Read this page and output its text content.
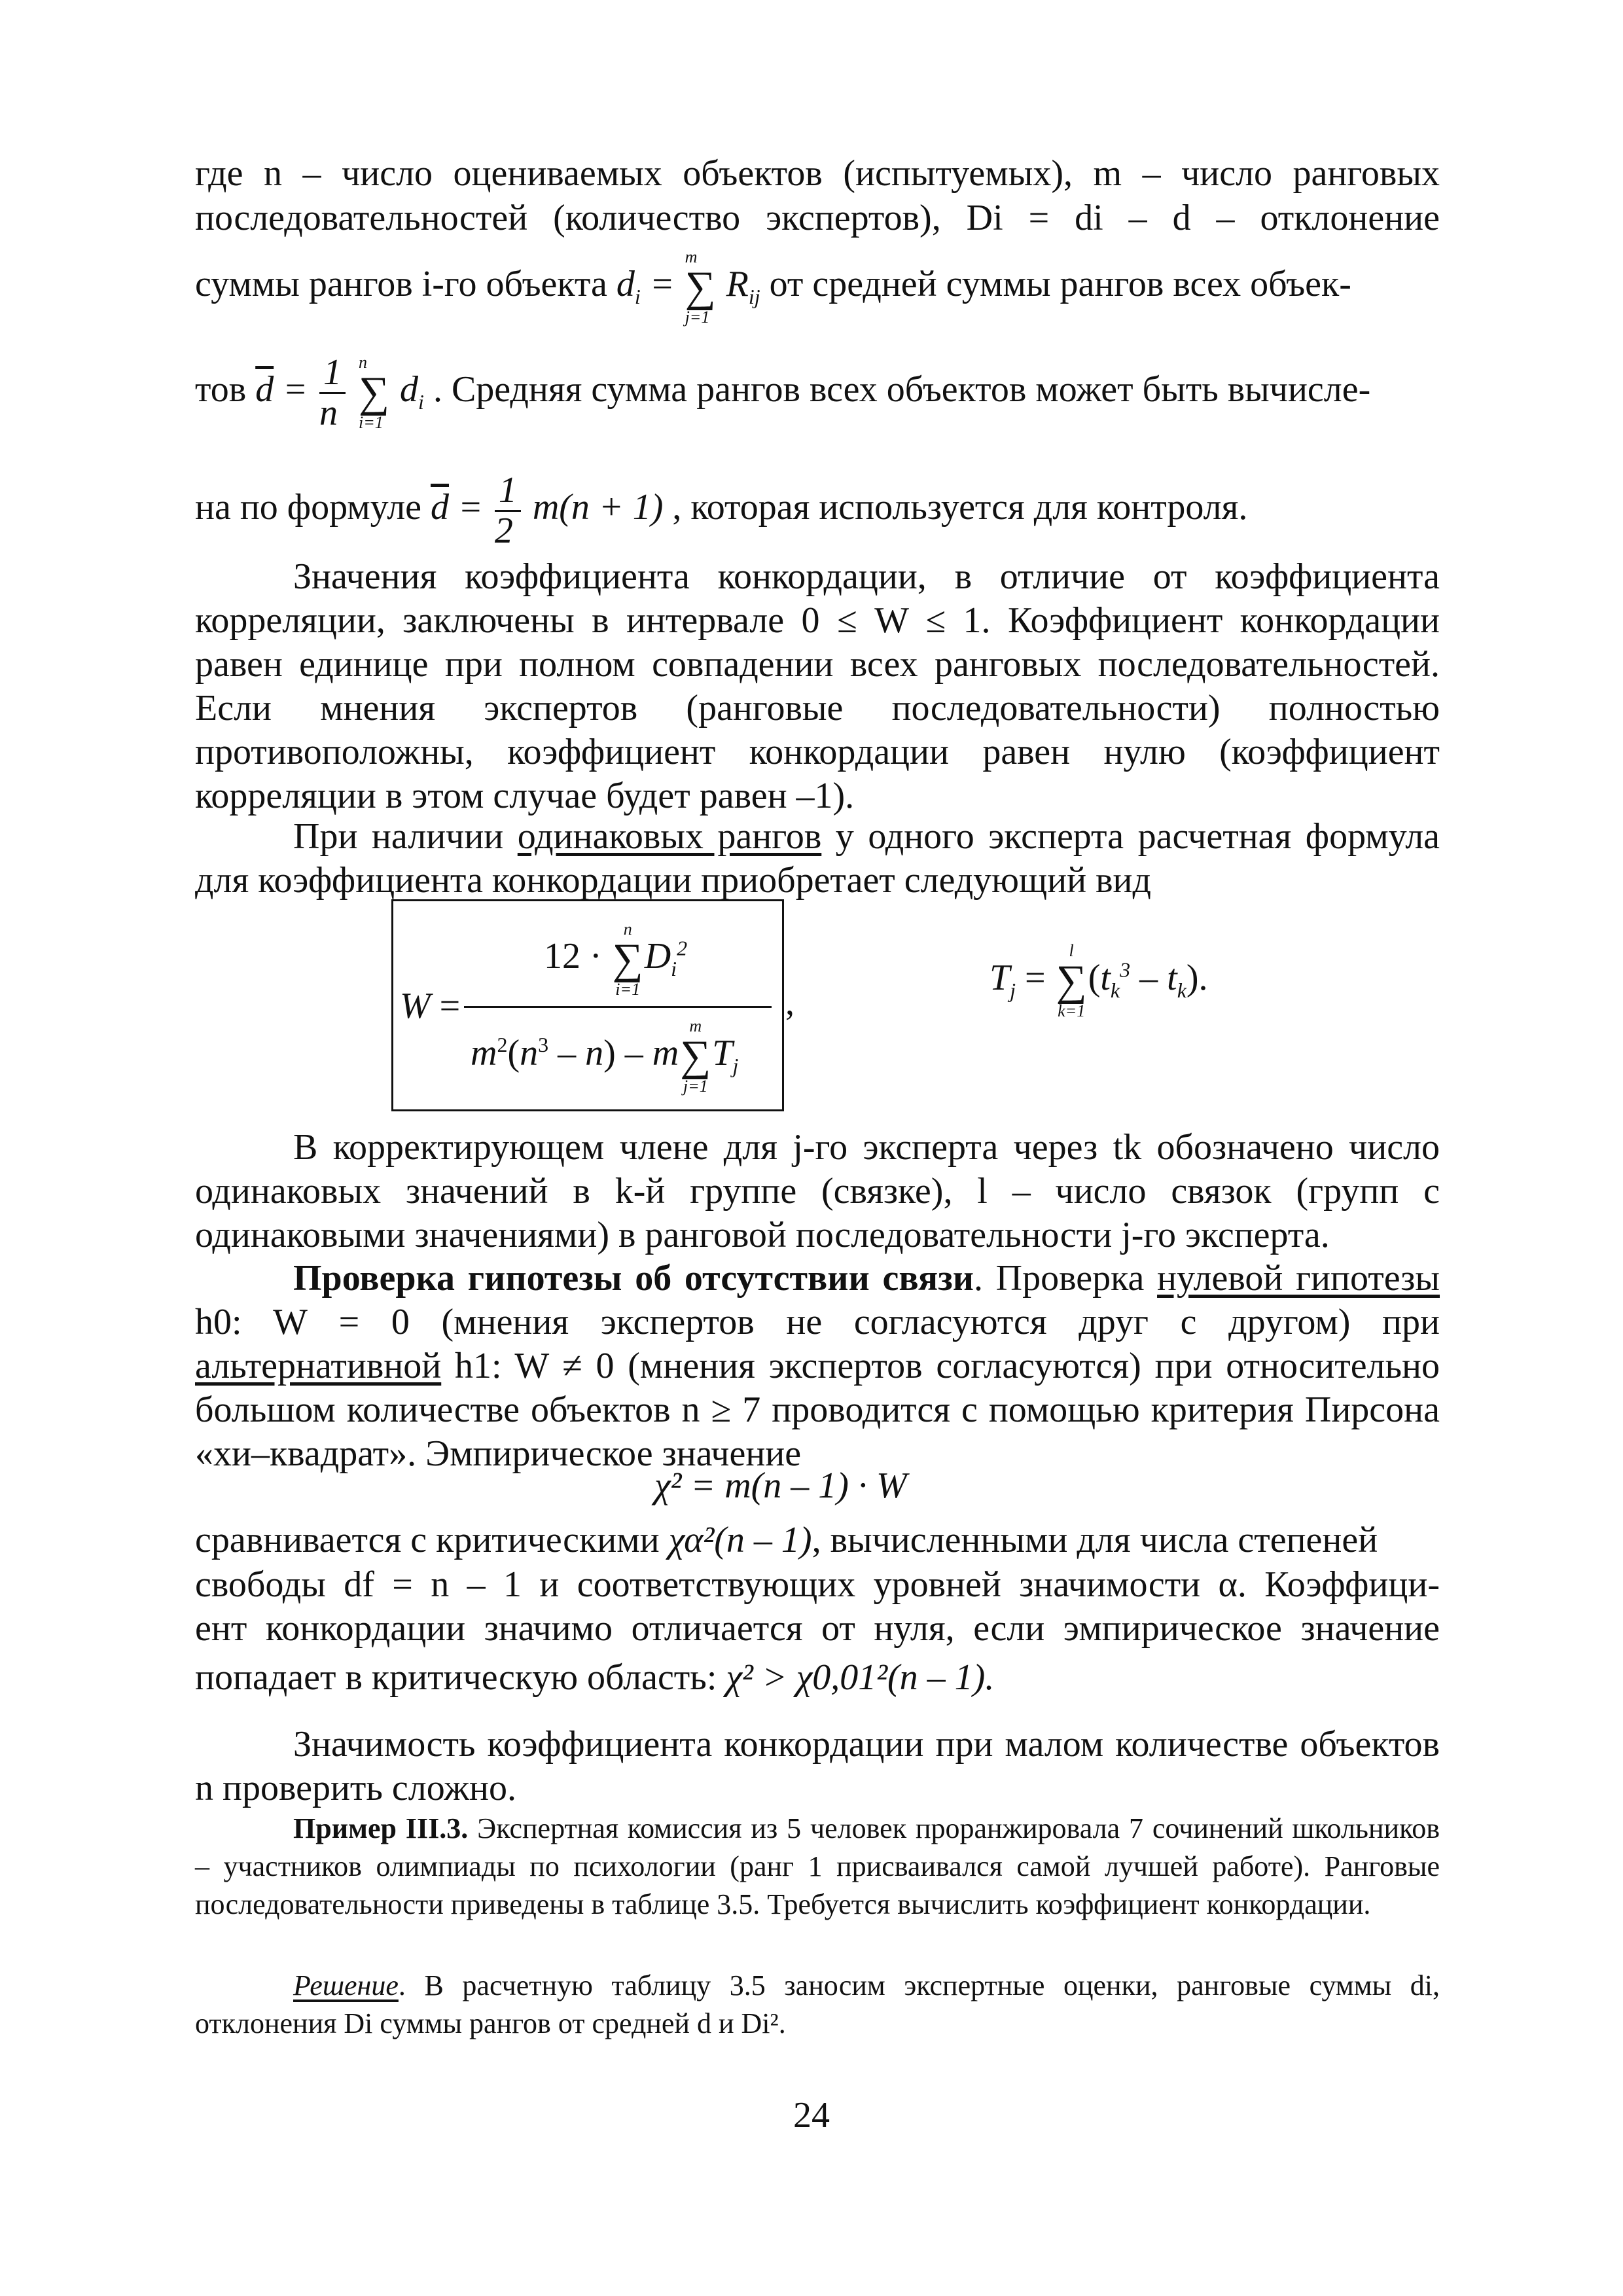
где n – число оцениваемых объектов (испытуемых), m – число ранговых

последовательностей (количество экспертов), Di = di – d – отклонение

суммы рангов i-го объекта $d_i$ =
m
∑
j=1
$R_{ij}$ от средней суммы рангов всех объек-
тов $\overline{d} = \frac{1}{n}$
n
∑
i=1
$d_i$ . Средняя сумма рангов всех объектов может быть вычисле-
на по формуле $\overline{d} = \frac{1}{2} m(n + 1)$ , которая используется для контроля.

Значения коэффициента конкордации, в отличие от коэффициента корреляции, заключены в интервале 0 ≤ W ≤ 1. Коэффициент конкордации равен единице при полном совпадении всех ранговых последовательностей. Если мнения экспертов (ранговые последовательности) полностью противоположны, коэффициент конкордации равен нулю (коэффициент корреляции в этом случае будет равен –1).

При наличии одинаковых рангов у одного эксперта расчетная формула для коэффициента конкордации приобретает следующий вид

W =
12 ·
n
∑
i=1
$D_i^2$
$m^2(n^3 - n)$ – m
m
∑
j=1
$T_j$
,
$T_j$ =
l
∑
k=1
$(t_k^3 - t_k)$.

В корректирующем члене для j-го эксперта через tk обозначено число одинаковых значений в k-й группе (связке), l – число связок (групп с одинаковыми значениями) в ранговой последовательности j-го эксперта.

Проверка гипотезы об отсутствии связи. Проверка нулевой гипотезы h0: W = 0 (мнения экспертов не согласуются друг с другом) при альтернативной h1: W ≠ 0 (мнения экспертов согласуются) при относительно большом количестве объектов n ≥ 7 проводится с помощью критерия Пирсона «хи–квадрат». Эмпирическое значение

χ² = m(n – 1) · W
сравнивается с критическими χα²(n – 1), вычисленными для числа степеней

свободы df = n – 1 и соответствующих уровней значимости α. Коэффици-

ент конкордации значимо отличается от нуля, если эмпирическое значение

попадает в критическую область: χ² > χ0,01²(n – 1).

Значимость коэффициента конкордации при малом количестве объектов n проверить сложно.

Пример III.3. Экспертная комиссия из 5 человек проранжировала 7 сочинений школьников – участников олимпиады по психологии (ранг 1 присваивался самой лучшей работе). Ранговые последовательности приведены в таблице 3.5. Требуется вычислить коэффициент конкордации.

Решение. В расчетную таблицу 3.5 заносим экспертные оценки, ранговые суммы di, отклонения Di суммы рангов от средней d и Di².

24
